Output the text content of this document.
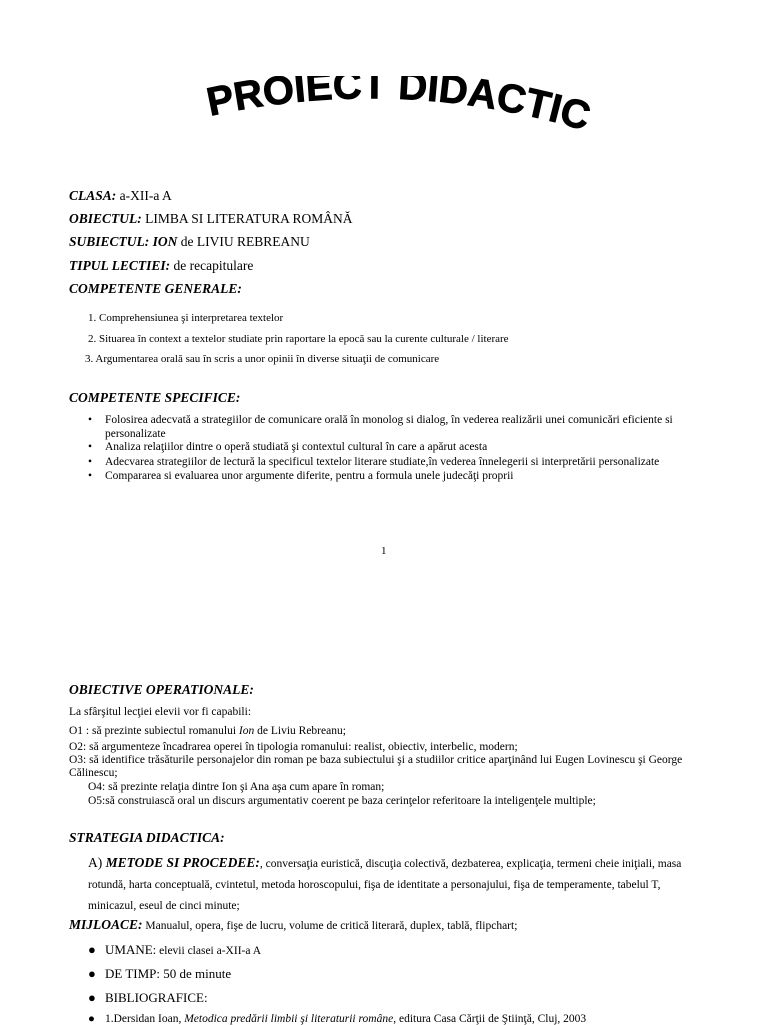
PROIECT DIDACTIC
CLASA: a-XII-a A
OBIECTUL: LIMBA SI LITERATURA ROMÂNĂ
SUBIECTUL: ION de LIVIU REBREANU
TIPUL LECTIEI: de recapitulare
COMPETENTE GENERALE:
1. Comprehensiunea şi interpretarea textelor
2. Situarea în context a textelor studiate prin raportare la epocă sau la curente culturale / literare
3. Argumentarea orală sau în scris a unor opinii în diverse situaţii de comunicare
COMPETENTE SPECIFICE:
• Folosirea adecvată a strategiilor de comunicare orală în monolog si dialog, în vederea realizării unei comunicări eficiente si personalizate
• Analiza relaţiilor dintre o operă studiată şi contextul cultural în care a apărut acesta
• Adecvarea strategiilor de lectură la specificul textelor literare studiate,în vederea înnelegerii si interpretării personalizate
• Compararea si evaluarea unor argumente diferite, pentru a formula unele judecăţi proprii
1
OBIECTIVE OPERATIONALE:
La sfârşitul lecţiei elevii vor fi capabili:
O1 : să prezinte subiectul romanului Ion de Liviu Rebreanu;
O2: să argumenteze încadrarea operei în tipologia romanului: realist, obiectiv, interbelic, modern;
O3: să identifice trăsăturile personajelor din roman pe baza subiectului şi a studiilor critice aparţinând lui Eugen Lovinescu şi George Călinescu;
O4: să prezinte relaţia dintre Ion şi Ana aşa cum apare în roman;
O5:să construiască oral un discurs argumentativ coerent pe baza cerinţelor referitoare la inteligenţele multiple;
STRATEGIA DIDACTICA:
A) METODE SI PROCEDEE:, conversaţia euristică, discuţia colectivă, dezbaterea, explicaţia, termeni cheie iniţiali, masa rotundă, harta conceptuală, cvintetul, metoda horoscopului, fişa de identitate a personajului, fişa de temperamente, tabelul T, minicazul, eseul de cinci minute;
MIJLOACE: Manualul, opera, fişe de lucru, volume de critică literară, duplex, tablă, flipchart;
● UMANE: elevii clasei a-XII-a A
● DE TIMP: 50 de minute
● BIBLIOGRAFICE:
● 1.Dersidan Ioan, Metodica predării limbii şi literaturii române, editura Casa Cărţii de Ştiinţă, Cluj, 2003
